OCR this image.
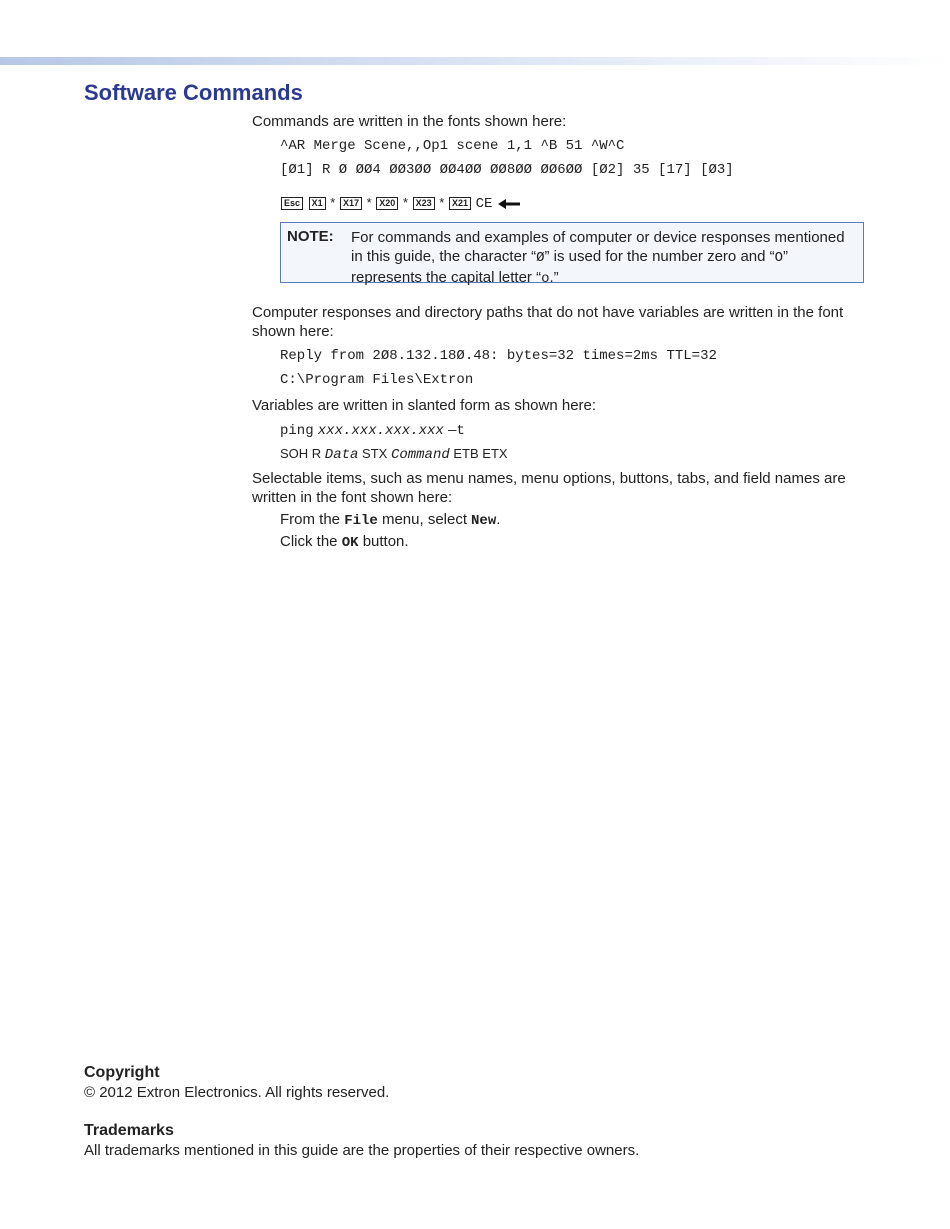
Software Commands
Commands are written in the fonts shown here:
^AR Merge Scene,,Op1 scene 1,1 ^B 51 ^W^C
[Ø1] R Ø ØØ4 ØØ3ØØ ØØ4ØØ ØØ8ØØ ØØ6ØØ [Ø2] 35 [17] [Ø3]
Esc X1 * X17 * X20 * X23 * X21 CE
NOTE: For commands and examples of computer or device responses mentioned
in this guide, the character “Ø” is used for the number zero and “O”
represents the capital letter “o.”
Computer responses and directory paths that do not have variables are written in the font shown here:
Reply from 2Ø8.132.18Ø.48: bytes=32 times=2ms TTL=32
C:\Program Files\Extron
Variables are written in slanted form as shown here:
ping xxx.xxx.xxx.xxx —t
SOH R Data STX Command ETB ETX
Selectable items, such as menu names, menu options, buttons, tabs, and field names are written in the font shown here:
From the File menu, select New.
Click the OK button.
Copyright
© 2012 Extron Electronics. All rights reserved.
Trademarks
All trademarks mentioned in this guide are the properties of their respective owners.
